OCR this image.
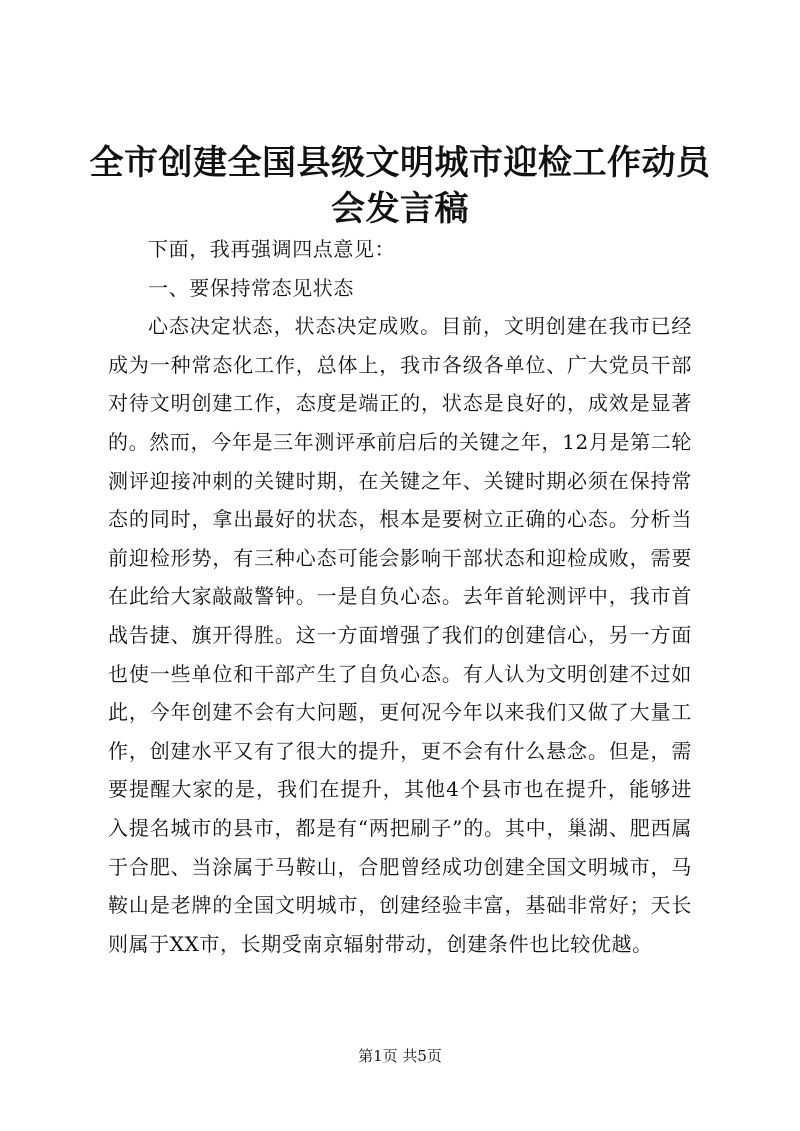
全市创建全国县级文明城市迎检工作动员会发言稿

下面，我再强调四点意见：

一、要保持常态见状态

心态决定状态，状态决定成败。目前，文明创建在我市已经成为一种常态化工作，总体上，我市各级各单位、广大党员干部对待文明创建工作，态度是端正的，状态是良好的，成效是显著的。然而，今年是三年测评承前启后的关键之年，12月是第二轮测评迎接冲刺的关键时期，在关键之年、关键时期必须在保持常态的同时，拿出最好的状态，根本是要树立正确的心态。分析当前迎检形势，有三种心态可能会影响干部状态和迎检成败，需要在此给大家敲敲警钟。一是自负心态。去年首轮测评中，我市首战告捷、旗开得胜。这一方面增强了我们的创建信心，另一方面也使一些单位和干部产生了自负心态。有人认为文明创建不过如此，今年创建不会有大问题，更何况今年以来我们又做了大量工作，创建水平又有了很大的提升，更不会有什么悬念。但是，需要提醒大家的是，我们在提升，其他4个县市也在提升，能够进入提名城市的县市，都是有“两把刷子”的。其中，巢湖、肥西属于合肥、当涂属于马鞍山，合肥曾经成功创建全国文明城市，马鞍山是老牌的全国文明城市，创建经验丰富，基础非常好；天长则属于XX市，长期受南京辐射带动，创建条件也比较优越。

第1页 共5页
